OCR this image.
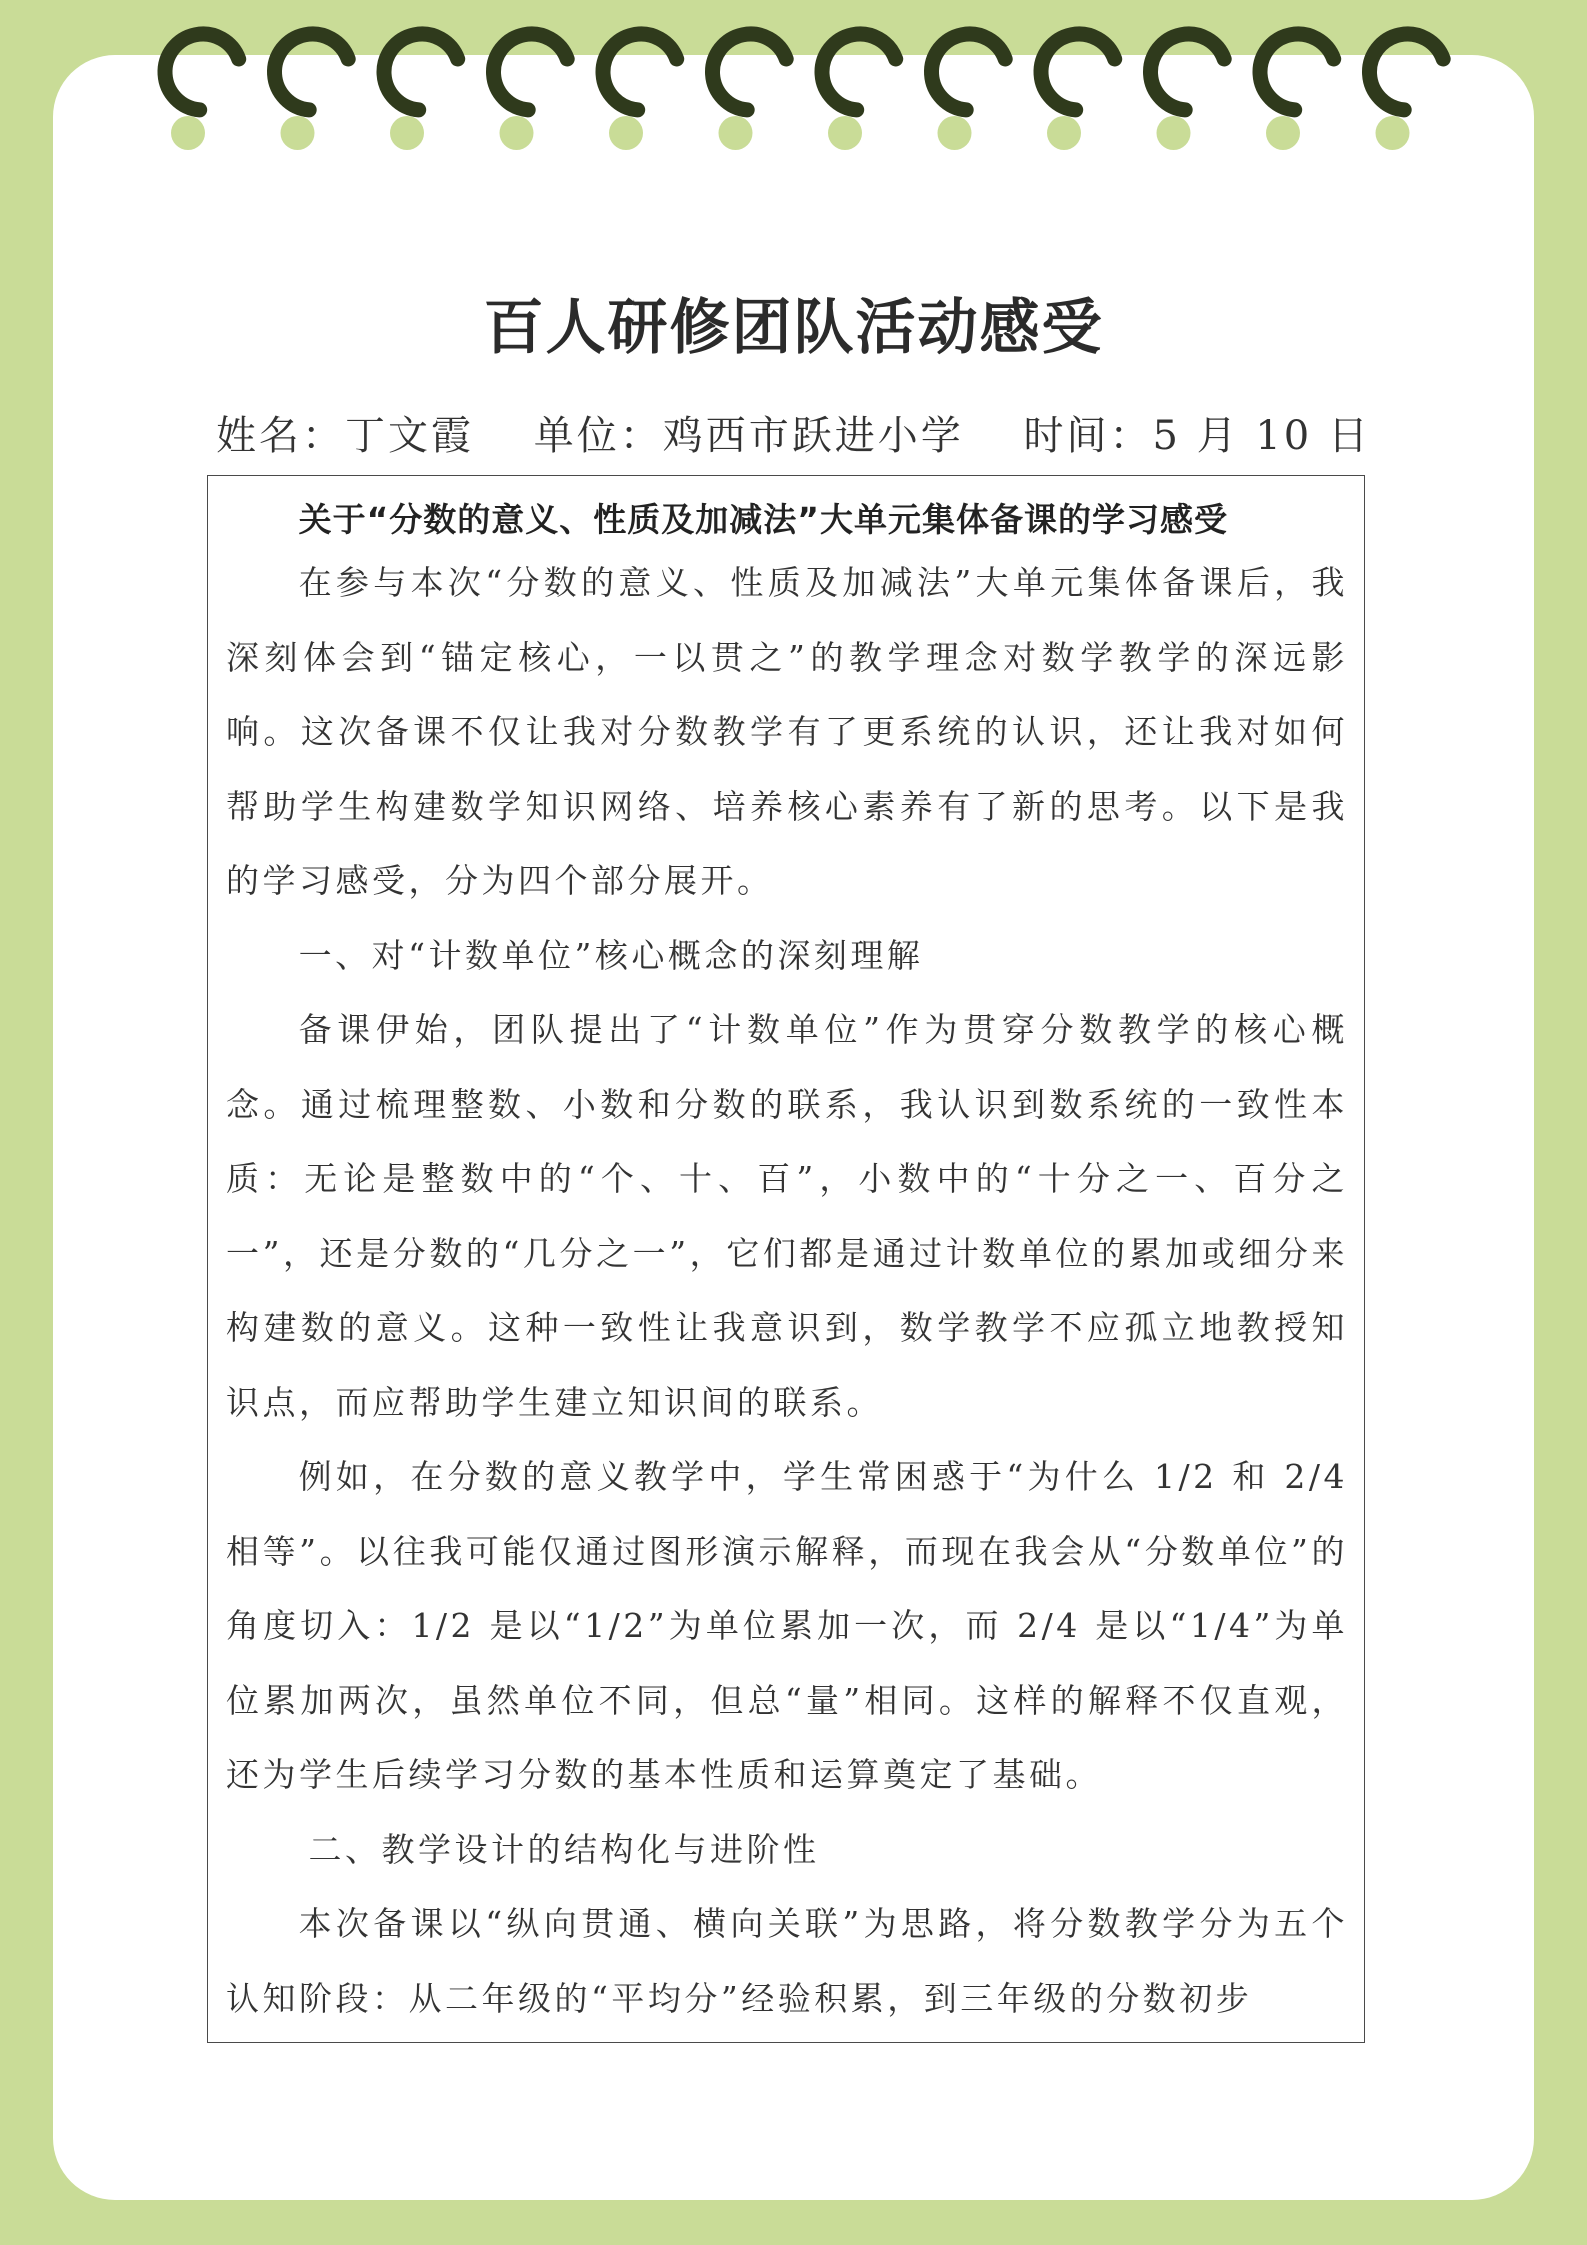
百人研修团队活动感受
姓名：丁文霞 单位：鸡西市跃进小学 时间：5 月 10 日

关于“分数的意义、性质及加减法”大单元集体备课的学习感受

在参与本次“分数的意义、性质及加减法”大单元集体备课后，我深刻体会到“锚定核心，一以贯之”的教学理念对数学教学的深远影响。这次备课不仅让我对分数教学有了更系统的认识，还让我对如何帮助学生构建数学知识网络、培养核心素养有了新的思考。以下是我的学习感受，分为四个部分展开。

一、对“计数单位”核心概念的深刻理解

备课伊始，团队提出了“计数单位”作为贯穿分数教学的核心概念。通过梳理整数、小数和分数的联系，我认识到数系统的一致性本质：无论是整数中的“个、十、百”，小数中的“十分之一、百分之一”，还是分数的“几分之一”，它们都是通过计数单位的累加或细分来构建数的意义。这种一致性让我意识到，数学教学不应孤立地教授知识点，而应帮助学生建立知识间的联系。

例如，在分数的意义教学中，学生常困惑于“为什么 1/2 和 2/4 相等”。以往我可能仅通过图形演示解释，而现在我会从“分数单位”的角度切入：1/2 是以“1/2”为单位累加一次，而 2/4 是以“1/4”为单位累加两次，虽然单位不同，但总“量”相同。这样的解释不仅直观，还为学生后续学习分数的基本性质和运算奠定了基础。

二、教学设计的结构化与进阶性

本次备课以“纵向贯通、横向关联”为思路，将分数教学分为五个认知阶段：从二年级的“平均分”经验积累，到三年级的分数初步
